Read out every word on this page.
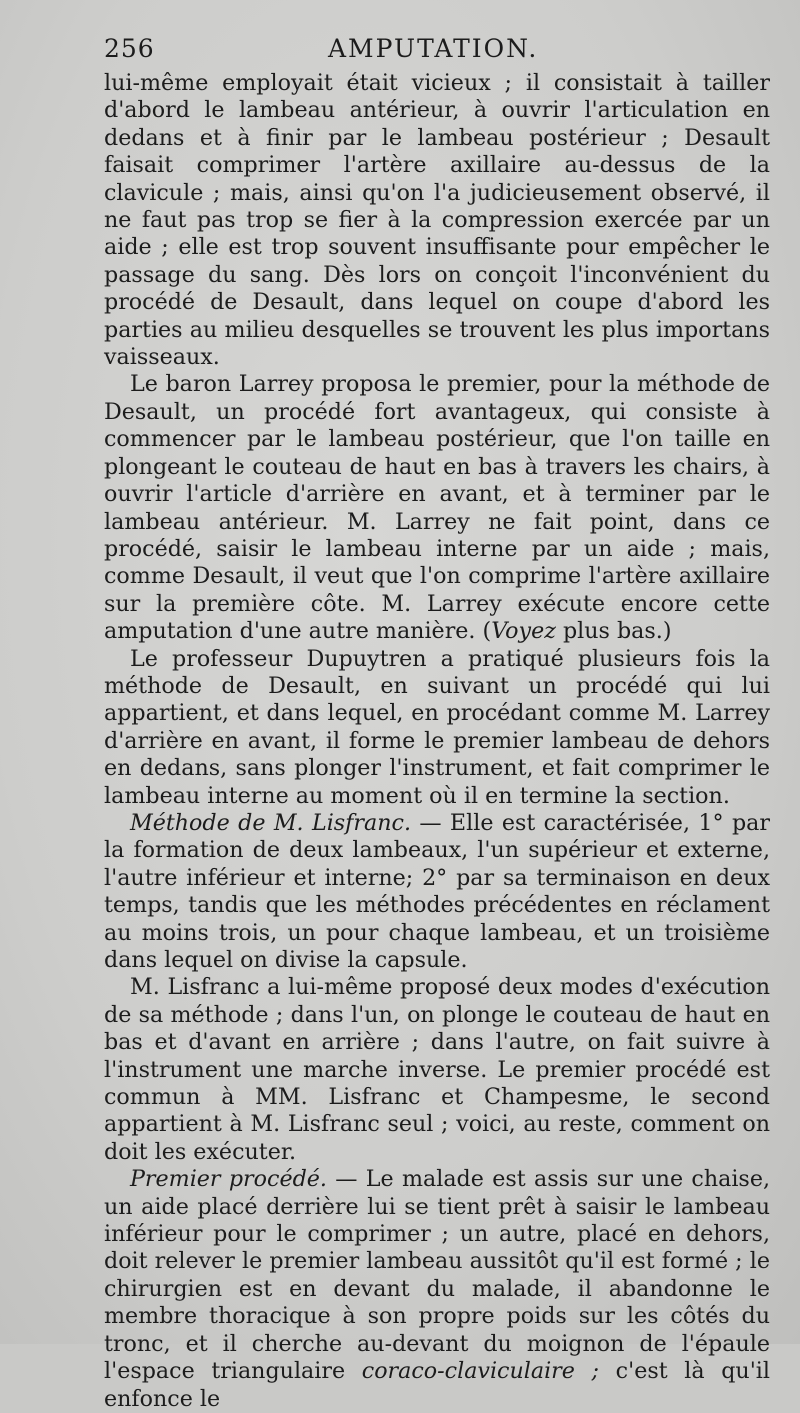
256	AMPUTATION.

lui-même employait était vicieux ; il consistait à tailler d'abord le lambeau antérieur, à ouvrir l'articulation en dedans et à finir par le lambeau postérieur ; Desault faisait comprimer l'artère axillaire au-dessus de la clavicule ; mais, ainsi qu'on l'a judicieusement observé, il ne faut pas trop se fier à la compression exercée par un aide ; elle est trop souvent insuffisante pour empêcher le passage du sang. Dès lors on conçoit l'inconvénient du procédé de Desault, dans lequel on coupe d'abord les parties au milieu desquelles se trouvent les plus importans vaisseaux.

Le baron Larrey proposa le premier, pour la méthode de Desault, un procédé fort avantageux, qui consiste à commencer par le lambeau postérieur, que l'on taille en plongeant le couteau de haut en bas à travers les chairs, à ouvrir l'article d'arrière en avant, et à terminer par le lambeau antérieur. M. Larrey ne fait point, dans ce procédé, saisir le lambeau interne par un aide ; mais, comme Desault, il veut que l'on comprime l'artère axillaire sur la première côte. M. Larrey exécute encore cette amputation d'une autre manière. (Voyez plus bas.)

Le professeur Dupuytren a pratiqué plusieurs fois la méthode de Desault, en suivant un procédé qui lui appartient, et dans lequel, en procédant comme M. Larrey d'arrière en avant, il forme le premier lambeau de dehors en dedans, sans plonger l'instrument, et fait comprimer le lambeau interne au moment où il en termine la section.

Méthode de M. Lisfranc. — Elle est caractérisée, 1° par la formation de deux lambeaux, l'un supérieur et externe, l'autre inférieur et interne; 2° par sa terminaison en deux temps, tandis que les méthodes précédentes en réclament au moins trois, un pour chaque lambeau, et un troisième dans lequel on divise la capsule.

M. Lisfranc a lui-même proposé deux modes d'exécution de sa méthode ; dans l'un, on plonge le couteau de haut en bas et d'avant en arrière ; dans l'autre, on fait suivre à l'instrument une marche inverse. Le premier procédé est commun à MM. Lisfranc et Champesme, le second appartient à M. Lisfranc seul ; voici, au reste, comment on doit les exécuter.

Premier procédé. — Le malade est assis sur une chaise, un aide placé derrière lui se tient prêt à saisir le lambeau inférieur pour le comprimer ; un autre, placé en dehors, doit relever le premier lambeau aussitôt qu'il est formé ; le chirurgien est en devant du malade, il abandonne le membre thoracique à son propre poids sur les côtés du tronc, et il cherche au-devant du moignon de l'épaule l'espace triangulaire coraco-claviculaire ; c'est là qu'il enfonce le
